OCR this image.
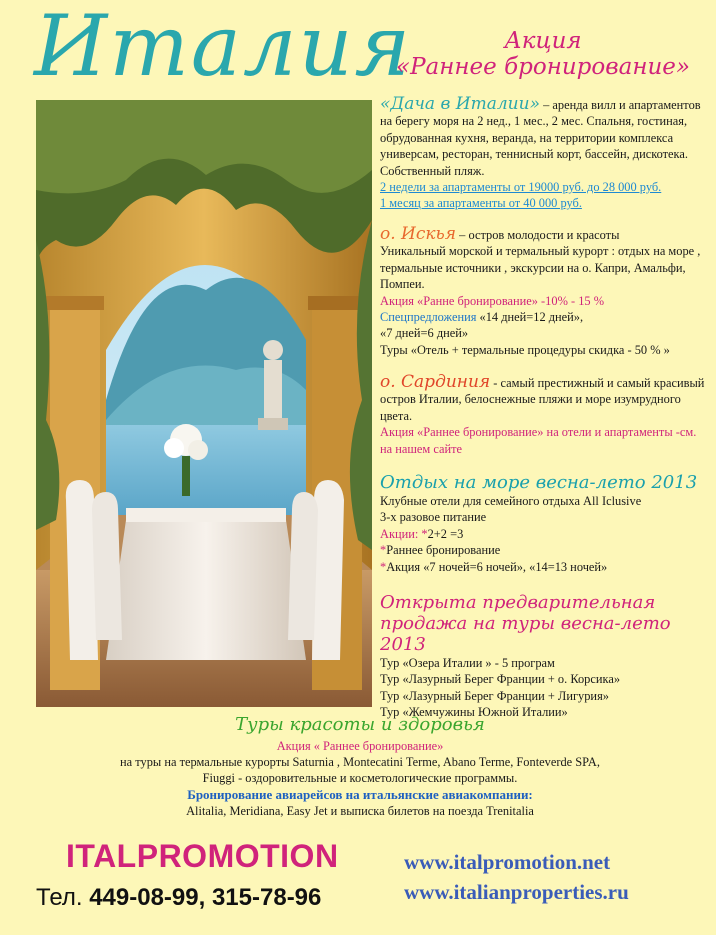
Италия	Акция
«Раннее бронирование»
«Дача в Италии» – аренда вилл и апартаментов на берегу моря на 2 нед., 1 мес., 2 мес. Спальня, гостиная, обрудованная кухня, веранда, на территории комплекса универсам, ресторан, теннисный корт, бассейн, дискотека. Собственный пляж.
2 недели за апартаменты от 19000 руб. до 28 000 руб.
1 месяц за апартаменты от 40 000 руб.
о. Искья – остров молодости и красоты
Уникальный морской и термальный курорт : отдых на море , термальные источники , экскурсии на о. Капри, Амальфи, Помпеи.
Акция «Ранне бронирование» -10% - 15 %
Спецпредложения «14 дней=12 дней»,
«7 дней=6 дней»
Туры «Отель + термальные процедуры скидка - 50 % »
о. Сардиния - самый престижный и самый красивый остров Италии, белоснежные пляжи и море изумрудного цвета.
Акция «Раннее бронирование» на отели и апартаменты -см. на нашем сайте
Отдых на море весна-лето 2013
Клубные отели для семейного отдыха All Iclusive
3-х разовое питание
Акции: *2+2 =3
*Раннее бронирование
*Акция «7 ночей=6 ночей», «14=13 ночей»
Открыта предварительная продажа на туры весна-лето 2013
Тур «Озера Италии » - 5 програм
Тур «Лазурный Берег Франции + о. Корсика»
Тур «Лазурный Берег Франции + Лигурия»
Тур «Жемчужины Южной Италии»
Туры красоты и здоровья
Акция « Раннее бронирование»
на туры на термальные курорты Saturnia , Montecatini Terme, Abano Terme, Fonteverde SPA,
Fiuggi - оздоровительные и косметологические программы.
Бронирование авиарейсов на итальянские авиакомпании:
Alitalia, Meridiana, Easy Jet и выписка билетов на поезда Trenitalia
ITALPROMOTION
Тел. 449-08-99, 315-78-96
www.italpromotion.net
www.italianproperties.ru
